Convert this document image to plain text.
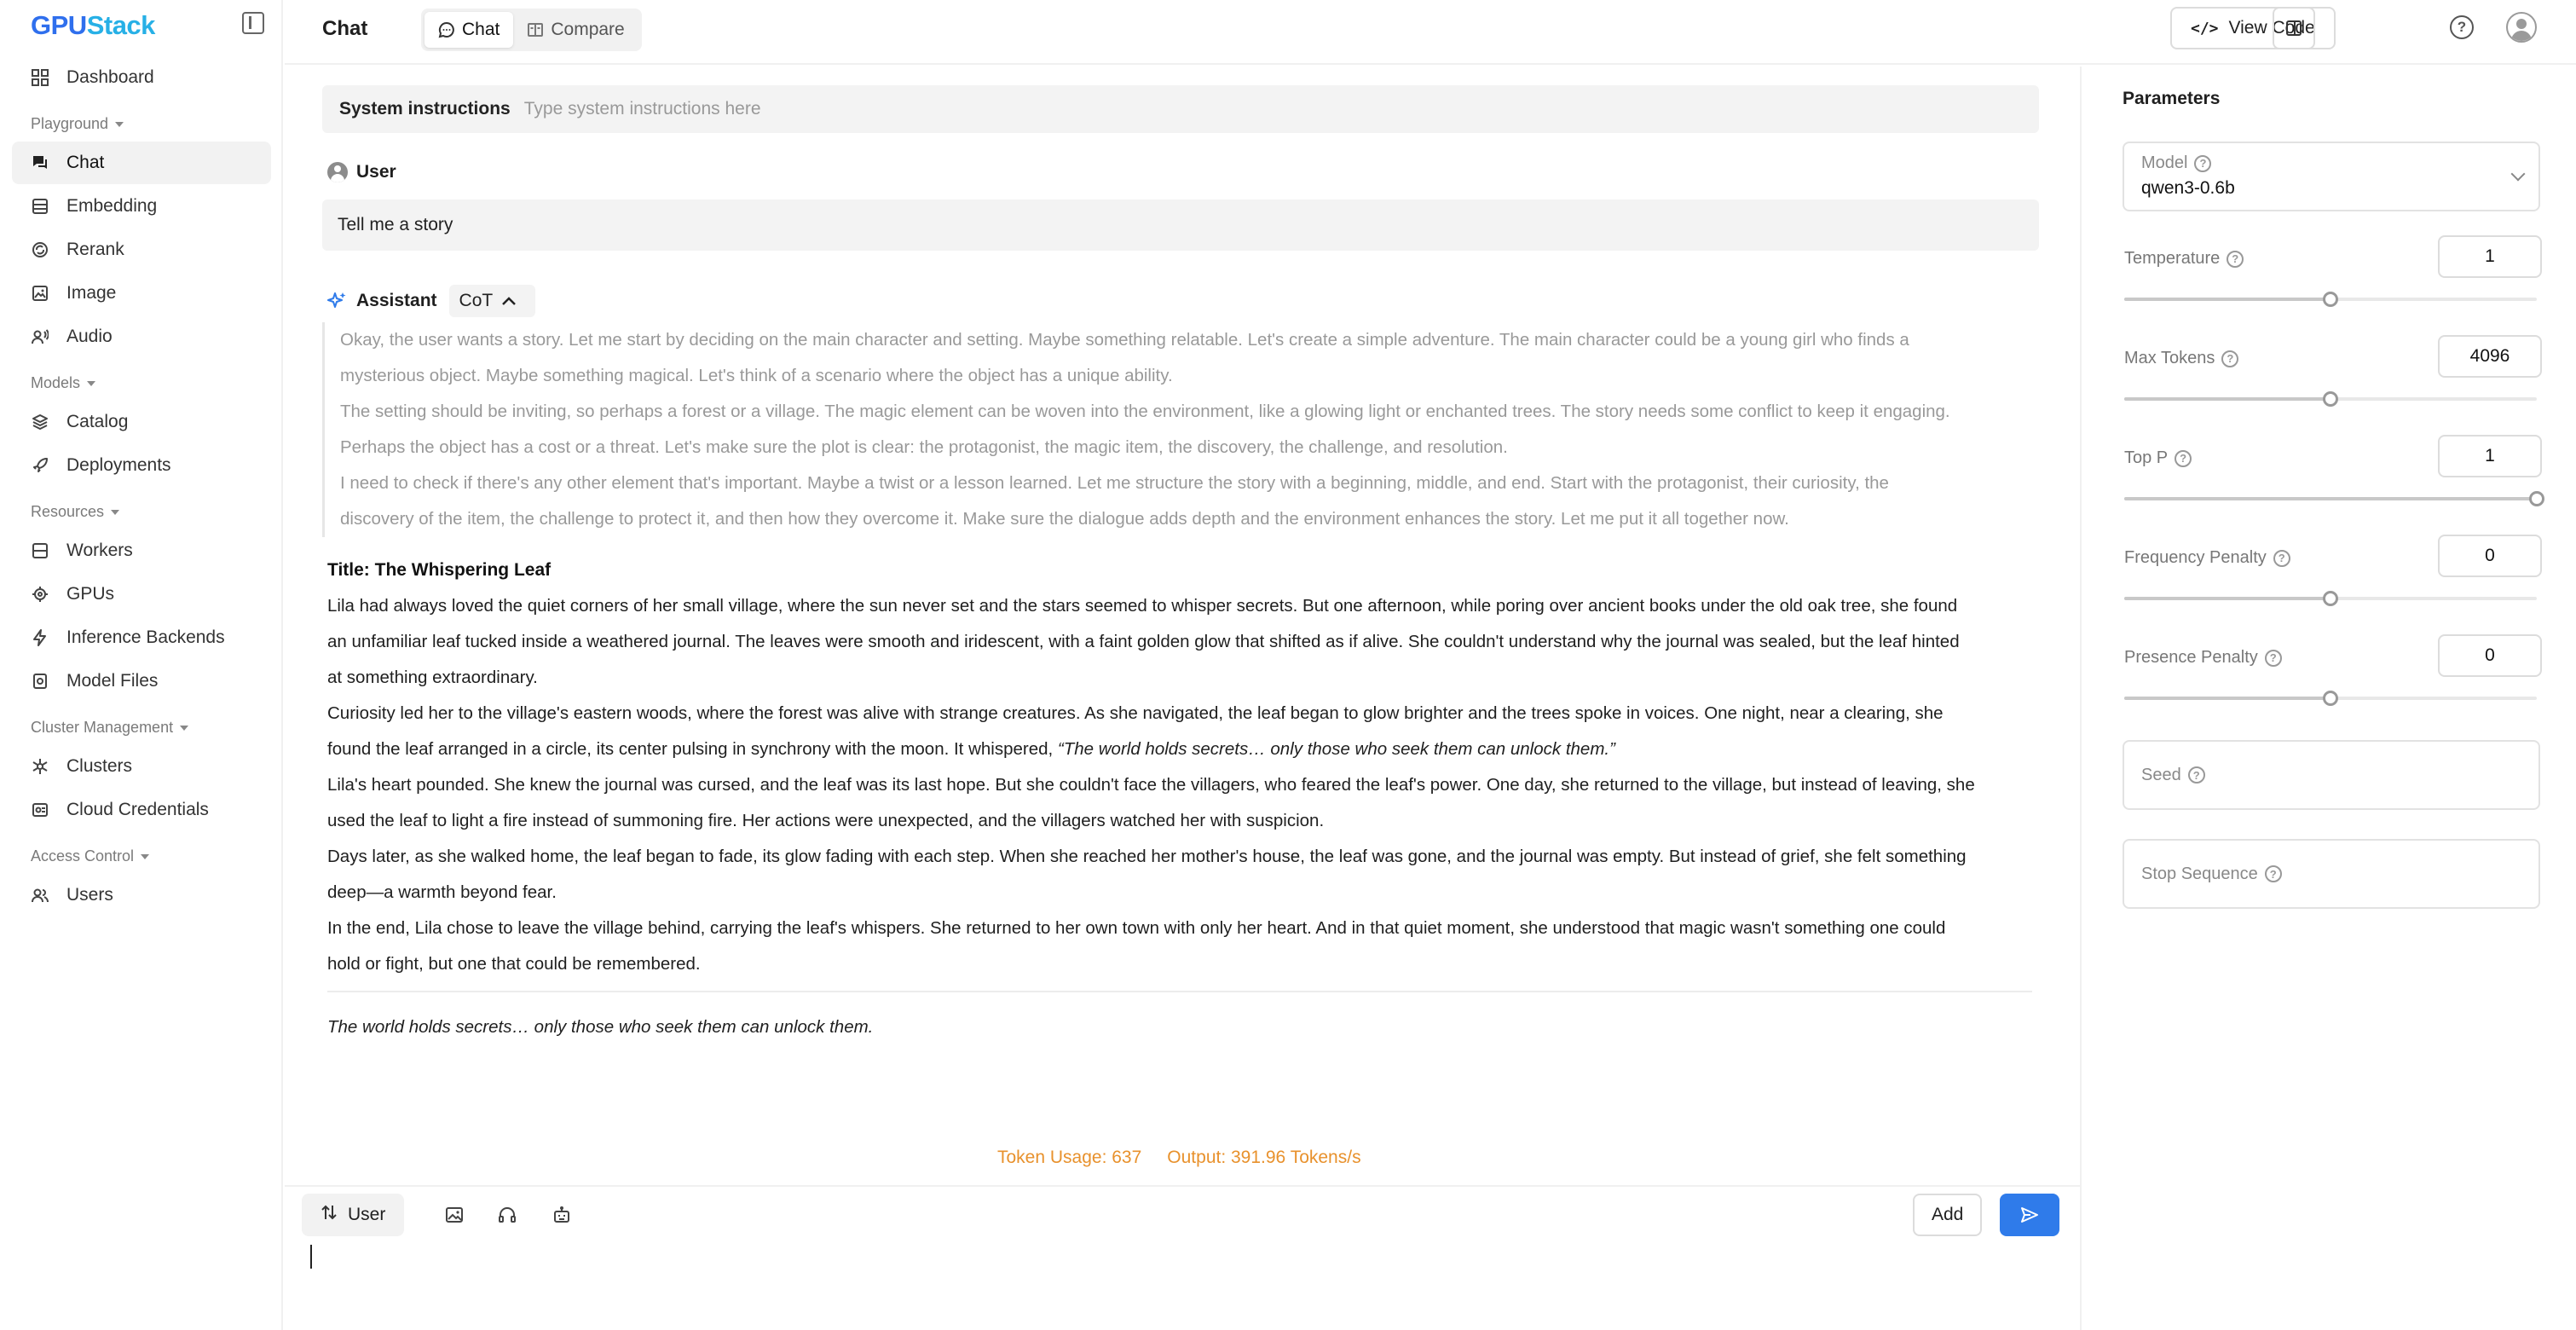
GPU Stack
Dashboard
Playground
Chat
Embedding
Rerank
Image
Audio
Models
Catalog
Deployments
Resources
Workers
GPUs
Inference Backends
Model Files
Cluster Management
Clusters
Cloud Credentials
Access Control
Users
Chat	Chat	Compare	</> View Code	?
System instructions
Type system instructions here
User
Tell me a story
Assistant CoT

Okay, the user wants a story. Let me start by deciding on the main character and setting. Maybe something relatable. Let's create a simple adventure. The main character could be a young girl who finds a

mysterious object. Maybe something magical. Let's think of a scenario where the object has a unique ability.

The setting should be inviting, so perhaps a forest or a village. The magic element can be woven into the environment, like a glowing light or enchanted trees. The story needs some conflict to keep it engaging.

Perhaps the object has a cost or a threat. Let's make sure the plot is clear: the protagonist, the magic item, the discovery, the challenge, and resolution.

I need to check if there's any other element that's important. Maybe a twist or a lesson learned. Let me structure the story with a beginning, middle, and end. Start with the protagonist, their curiosity, the

discovery of the item, the challenge to protect it, and then how they overcome it. Make sure the dialogue adds depth and the environment enhances the story. Let me put it all together now.

Title: The Whispering Leaf

Lila had always loved the quiet corners of her small village, where the sun never set and the stars seemed to whisper secrets. But one afternoon, while poring over ancient books under the old oak tree, she found

an unfamiliar leaf tucked inside a weathered journal. The leaves were smooth and iridescent, with a faint golden glow that shifted as if alive. She couldn't understand why the journal was sealed, but the leaf hinted

at something extraordinary.

Curiosity led her to the village's eastern woods, where the forest was alive with strange creatures. As she navigated, the leaf began to glow brighter and the trees spoke in voices. One night, near a clearing, she

found the leaf arranged in a circle, its center pulsing in synchrony with the moon. It whispered, “The world holds secrets… only those who seek them can unlock them.”

Lila's heart pounded. She knew the journal was cursed, and the leaf was its last hope. But she couldn't face the villagers, who feared the leaf's power. One day, she returned to the village, but instead of leaving, she

used the leaf to light a fire instead of summoning fire. Her actions were unexpected, and the villagers watched her with suspicion.

Days later, as she walked home, the leaf began to fade, its glow fading with each step. When she reached her mother's house, the leaf was gone, and the journal was empty. But instead of grief, she felt something

deep—a warmth beyond fear.

In the end, Lila chose to leave the village behind, carrying the leaf's whispers. She returned to her own town with only her heart. And in that quiet moment, she understood that magic wasn't something one could

hold or fight, but one that could be remembered.

The world holds secrets… only those who seek them can unlock them.

Token Usage: 637 Output: 391.96 Tokens/s
User	Add
Parameters
Model	?
qwen3-0.6b
Temperature	?	1
Max Tokens	?	4096
Top P	?	1
Frequency Penalty	?	0
Presence Penalty	?	0
Seed	?
Stop Sequence	?
